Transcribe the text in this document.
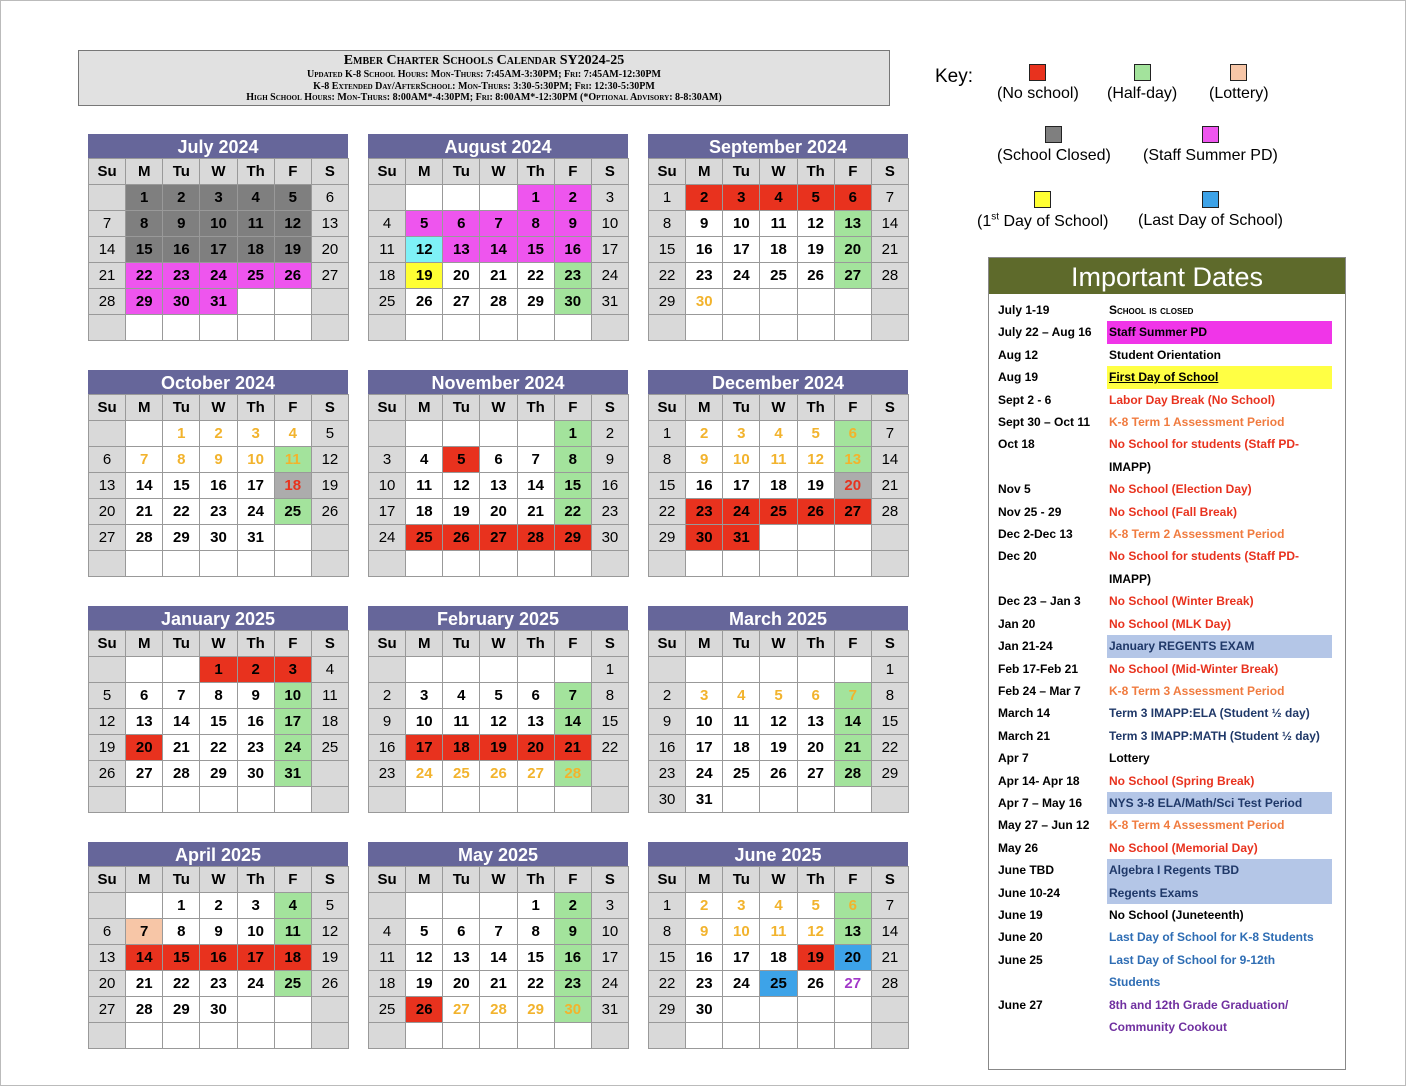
Ember Charter Schools Calendar SY2024-25
Updated K-8 School Hours: Mon-Thurs: 7:45AM-3:30PM; Fri: 7:45AM-12:30PM
K-8 Extended Day/AfterSchool: Mon-Thurs: 3:30-5:30PM; Fri: 12:30-5:30PM
High School Hours: Mon-Thurs: 8:00AM*-4:30PM; Fri: 8:00AM*-12:30PM (*Optional Advisory: 8-8:30AM)
Key:
(No school) (Half-day) (Lottery)
(School Closed) (Staff Summer PD)
(1st Day of School) (Last Day of School)
July 2024
Su	M	Tu	W	Th	F	S
	1	2	3	4	5	6
7	8	9	10	11	12	13
14	15	16	17	18	19	20
21	22	23	24	25	26	27
28	29	30	31			

August 2024
Su	M	Tu	W	Th	F	S
				1	2	3
4	5	6	7	8	9	10
11	12	13	14	15	16	17
18	19	20	21	22	23	24
25	26	27	28	29	30	31

September 2024
Su	M	Tu	W	Th	F	S
1	2	3	4	5	6	7
8	9	10	11	12	13	14
15	16	17	18	19	20	21
22	23	24	25	26	27	28
29	30					

October 2024
Su	M	Tu	W	Th	F	S
		1	2	3	4	5
6	7	8	9	10	11	12
13	14	15	16	17	18	19
20	21	22	23	24	25	26
27	28	29	30	31		

November 2024
Su	M	Tu	W	Th	F	S
					1	2
3	4	5	6	7	8	9
10	11	12	13	14	15	16
17	18	19	20	21	22	23
24	25	26	27	28	29	30

December 2024
Su	M	Tu	W	Th	F	S
1	2	3	4	5	6	7
8	9	10	11	12	13	14
15	16	17	18	19	20	21
22	23	24	25	26	27	28
29	30	31				

January 2025
Su	M	Tu	W	Th	F	S
			1	2	3	4
5	6	7	8	9	10	11
12	13	14	15	16	17	18
19	20	21	22	23	24	25
26	27	28	29	30	31	

February 2025
Su	M	Tu	W	Th	F	S
						1
2	3	4	5	6	7	8
9	10	11	12	13	14	15
16	17	18	19	20	21	22
23	24	25	26	27	28	

March 2025
Su	M	Tu	W	Th	F	S
						1
2	3	4	5	6	7	8
9	10	11	12	13	14	15
16	17	18	19	20	21	22
23	24	25	26	27	28	29
30	31					
April 2025
Su	M	Tu	W	Th	F	S
		1	2	3	4	5
6	7	8	9	10	11	12
13	14	15	16	17	18	19
20	21	22	23	24	25	26
27	28	29	30			

May 2025
Su	M	Tu	W	Th	F	S
				1	2	3
4	5	6	7	8	9	10
11	12	13	14	15	16	17
18	19	20	21	22	23	24
25	26	27	28	29	30	31

June 2025
Su	M	Tu	W	Th	F	S
1	2	3	4	5	6	7
8	9	10	11	12	13	14
15	16	17	18	19	20	21
22	23	24	25	26	27	28
29	30					

Important Dates
July 1-19	School is closed
July 22 – Aug 16	Staff Summer PD
Aug 12	Student Orientation
Aug 19	First Day of School
Sept 2 - 6	Labor Day Break (No School)
Sept 30 – Oct 11	K-8 Term 1 Assessment Period
Oct 18	No School for students (Staff PD-
IMAPP)
Nov 5	No School (Election Day)
Nov 25 - 29	No School (Fall Break)
Dec 2-Dec 13	K-8 Term 2 Assessment Period
Dec 20	No School for students (Staff PD-
IMAPP)
Dec 23 – Jan 3	No School (Winter Break)
Jan 20	No School (MLK Day)
Jan 21-24	January REGENTS EXAM
Feb 17-Feb 21	No School (Mid-Winter Break)
Feb 24 – Mar 7	K-8 Term 3 Assessment Period
March 14	Term 3 IMAPP:ELA (Student ½ day)
March 21	Term 3 IMAPP:MATH (Student ½ day)
Apr 7	Lottery
Apr 14- Apr 18	No School (Spring Break)
Apr 7 – May 16	NYS 3-8 ELA/Math/Sci Test Period
May 27 – Jun 12	K-8 Term 4 Assessment Period
May 26	No School (Memorial Day)
June TBD	Algebra I Regents TBD
June 10-24	Regents Exams
June 19	No School (Juneteenth)
June 20	Last Day of School for K-8 Students
June 25	Last Day of School for 9-12th
Students
June 27	8th and 12th Grade Graduation/
Community Cookout
